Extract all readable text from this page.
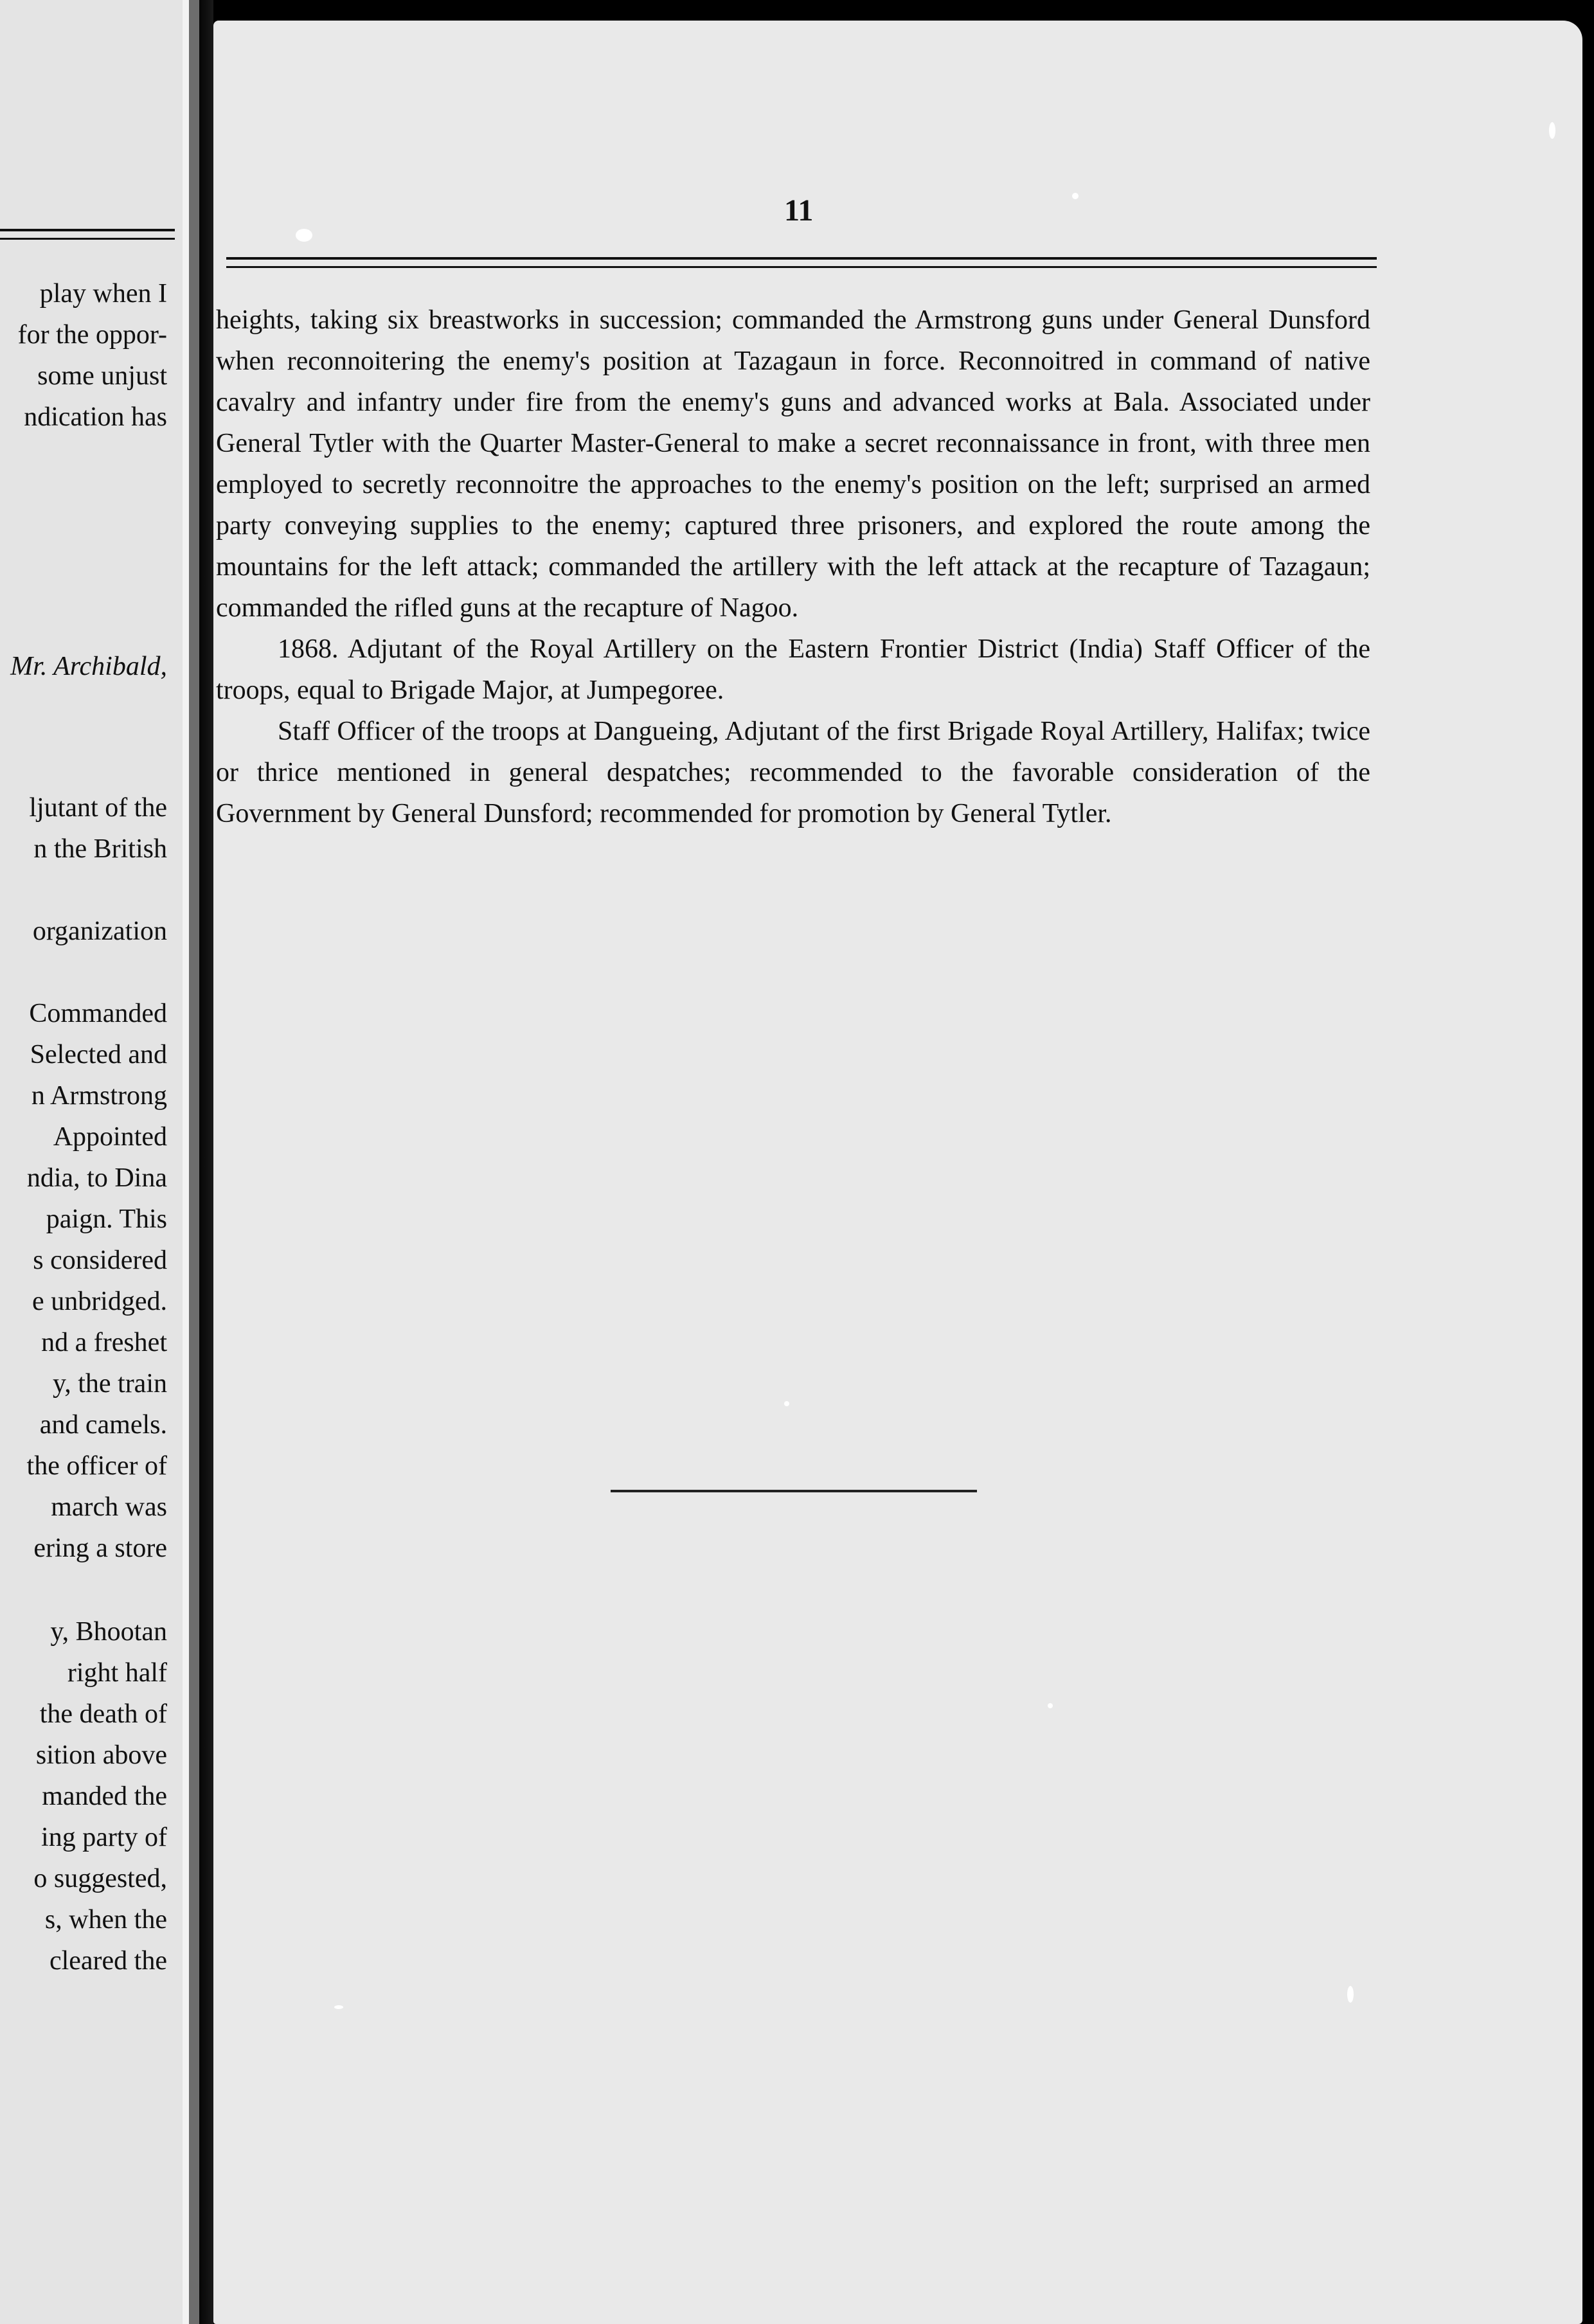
play when I
for the oppor-
some unjust
ndication has
Mr. Archibald,
ljutant of the
n the British
organization
Commanded
Selected and
n Armstrong
Appointed
ndia, to Dina
paign. This
s considered
e unbridged.
nd a freshet
y, the train
and camels.
the officer of
march was
ering a store
y, Bhootan
right half
the death of
sition above
manded the
ing party of
o suggested,
s, when the
cleared the
11

heights, taking six breastworks in succession; commanded the Armstrong guns under General Dunsford when reconnoitering the enemy's position at Tazagaun in force. Reconnoitred in command of native cavalry and infantry under fire from the enemy's guns and advanced works at Bala. Associated under General Tytler with the Quarter Master-General to make a secret reconnaissance in front, with three men employed to secretly reconnoitre the approaches to the enemy's position on the left; surprised an armed party conveying supplies to the enemy; captured three prisoners, and explored the route among the mountains for the left attack; commanded the artillery with the left attack at the recapture of Tazagaun; commanded the rifled guns at the recapture of Nagoo.

1868. Adjutant of the Royal Artillery on the Eastern Frontier District (India) Staff Officer of the troops, equal to Brigade Major, at Jumpegoree.

Staff Officer of the troops at Dangueing, Adjutant of the first Brigade Royal Artillery, Halifax; twice or thrice mentioned in general despatches; recommended to the favorable consideration of the Government by General Dunsford; recommended for promotion by General Tytler.
